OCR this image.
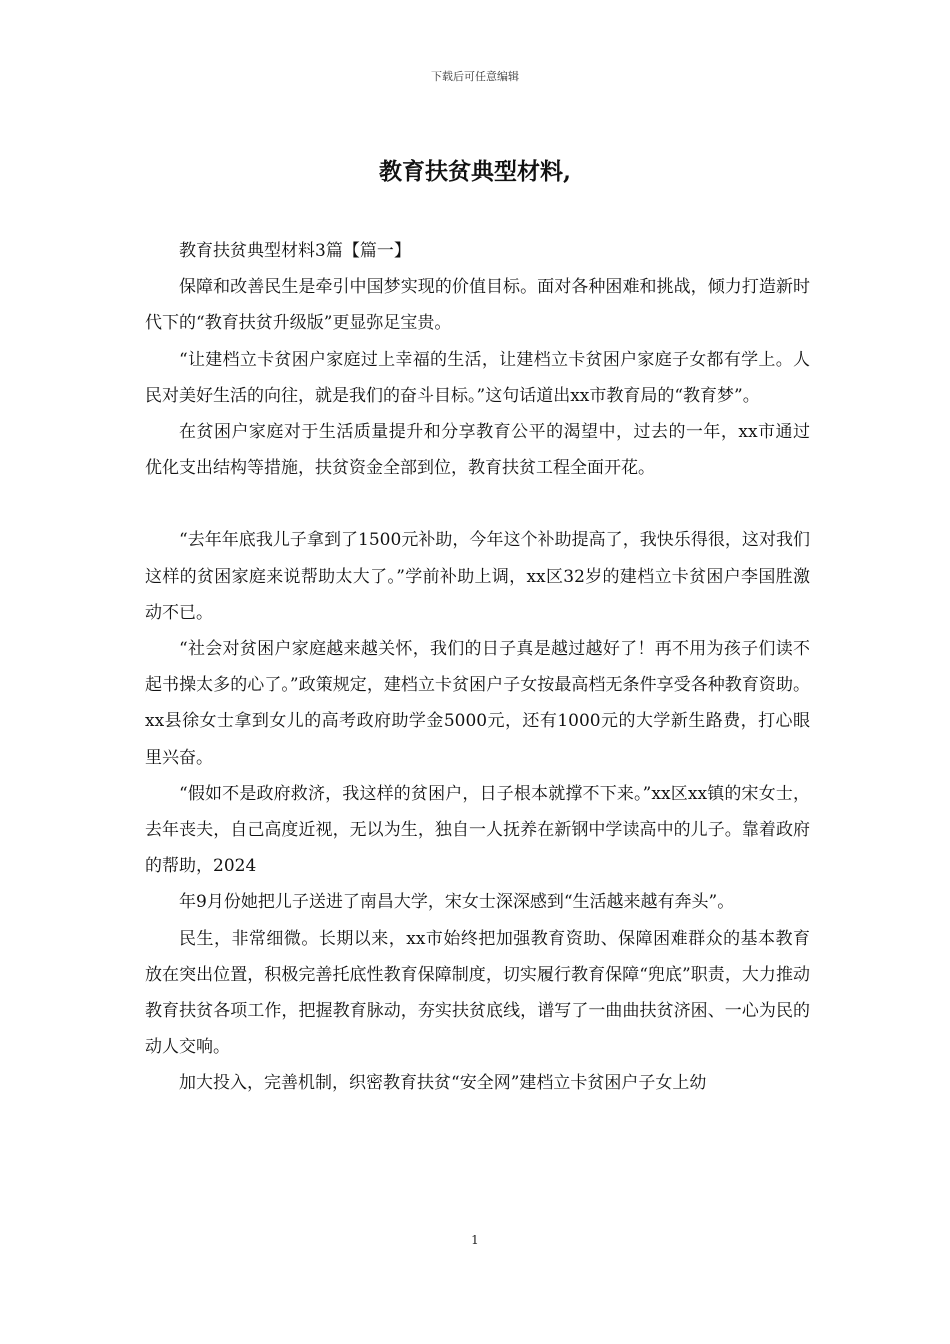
下载后可任意编辑
教育扶贫典型材料,

教育扶贫典型材料3篇【篇一】

保障和改善民生是牵引中国梦实现的价值目标。面对各种困难和挑战，倾力打造新时代下的“教育扶贫升级版”更显弥足宝贵。

“让建档立卡贫困户家庭过上幸福的生活，让建档立卡贫困户家庭子女都有学上。人民对美好生活的向往，就是我们的奋斗目标。”这句话道出xx市教育局的“教育梦”。

在贫困户家庭对于生活质量提升和分享教育公平的渴望中，过去的一年，xx市通过优化支出结构等措施，扶贫资金全部到位，教育扶贫工程全面开花。

“去年年底我儿子拿到了1500元补助，今年这个补助提高了，我快乐得很，这对我们这样的贫困家庭来说帮助太大了。”学前补助上调，xx区32岁的建档立卡贫困户李国胜激动不已。

“社会对贫困户家庭越来越关怀，我们的日子真是越过越好了！再不用为孩子们读不起书操太多的心了。”政策规定，建档立卡贫困户子女按最高档无条件享受各种教育资助。xx县徐女士拿到女儿的高考政府助学金5000元，还有1000元的大学新生路费，打心眼里兴奋。

“假如不是政府救济，我这样的贫困户，日子根本就撑不下来。”xx区xx镇的宋女士，去年丧夫，自己高度近视，无以为生，独自一人抚养在新钢中学读高中的儿子。靠着政府的帮助，2024

年9月份她把儿子送进了南昌大学，宋女士深深感到“生活越来越有奔头”。

民生，非常细微。长期以来，xx市始终把加强教育资助、保障困难群众的基本教育放在突出位置，积极完善托底性教育保障制度，切实履行教育保障“兜底”职责，大力推动教育扶贫各项工作，把握教育脉动，夯实扶贫底线，谱写了一曲曲扶贫济困、一心为民的动人交响。

加大投入，完善机制，织密教育扶贫“安全网”建档立卡贫困户子女上幼

1
